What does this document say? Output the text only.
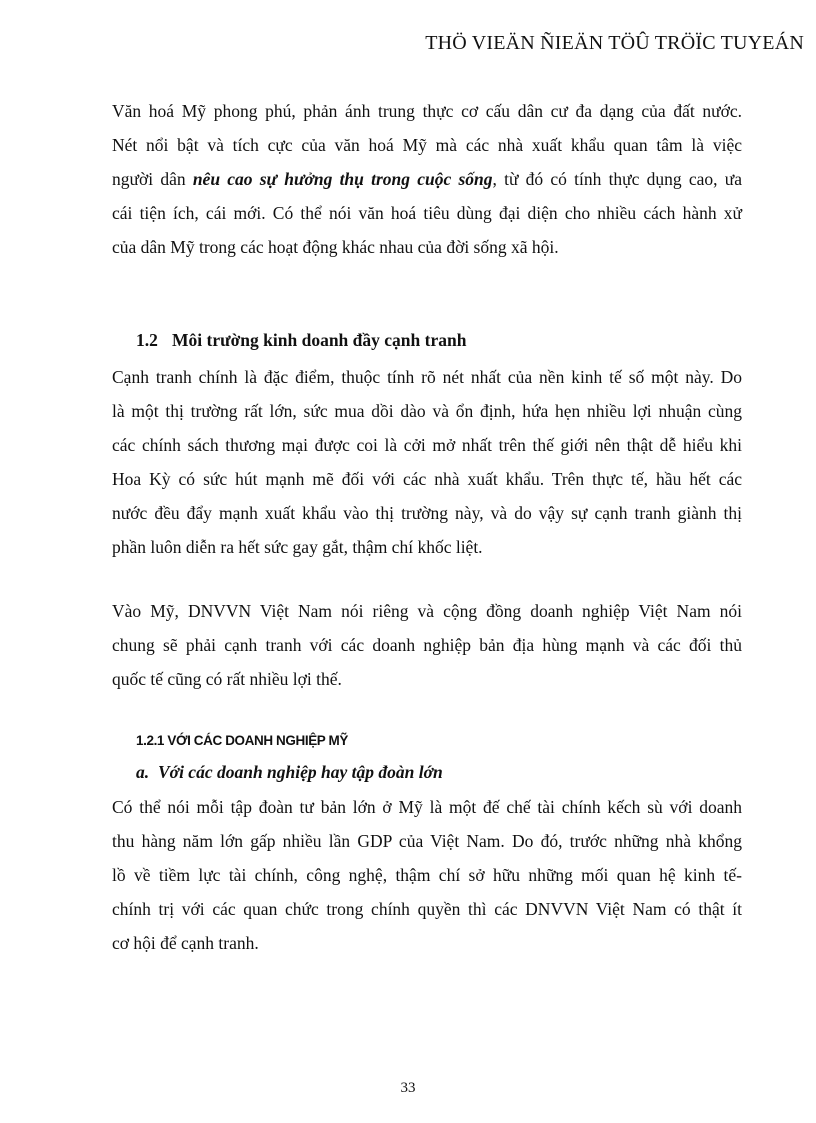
THÖ VIEÄN ÑIEÄN TÖÛ TRÖÏC TUYEÁN
Văn hoá Mỹ phong phú, phản ánh trung thực cơ cấu dân cư đa dạng của đất nước.
Nét nổi bật và tích cực của văn hoá Mỹ mà các nhà xuất khẩu quan tâm là việc
người dân nêu cao sự hưởng thụ trong cuộc sống, từ đó có tính thực dụng cao, ưa
cái tiện ích, cái mới. Có thể nói văn hoá tiêu dùng đại diện cho nhiều cách hành xử
của dân Mỹ trong các hoạt động khác nhau của đời sống xã hội.
1.2 Môi trường kinh doanh đầy cạnh tranh
Cạnh tranh chính là đặc điểm, thuộc tính rõ nét nhất của nền kinh tế số một này. Do
là một thị trường rất lớn, sức mua dồi dào và ổn định, hứa hẹn nhiều lợi nhuận cùng
các chính sách thương mại được coi là cởi mở nhất trên thế giới nên thật dễ hiểu khi
Hoa Kỳ có sức hút mạnh mẽ đối với các nhà xuất khẩu. Trên thực tế, hầu hết các
nước đều đẩy mạnh xuất khẩu vào thị trường này, và do vậy sự cạnh tranh giành thị
phần luôn diễn ra hết sức gay gắt, thậm chí khốc liệt.
Vào Mỹ, DNVVN Việt Nam nói riêng và cộng đồng doanh nghiệp Việt Nam nói
chung sẽ phải cạnh tranh với các doanh nghiệp bản địa hùng mạnh và các đối thủ
quốc tế cũng có rất nhiều lợi thế.
1.2.1 VỚI CÁC DOANH NGHIỆP MỸ
a. Với các doanh nghiệp hay tập đoàn lớn
Có thể nói mỗi tập đoàn tư bản lớn ở Mỹ là một đế chế tài chính kếch sù với doanh
thu hàng năm lớn gấp nhiều lần GDP của Việt Nam. Do đó, trước những nhà khổng
lồ về tiềm lực tài chính, công nghệ, thậm chí sở hữu những mối quan hệ kinh tế-
chính trị với các quan chức trong chính quyền thì các DNVVN Việt Nam có thật ít
cơ hội để cạnh tranh.
33
